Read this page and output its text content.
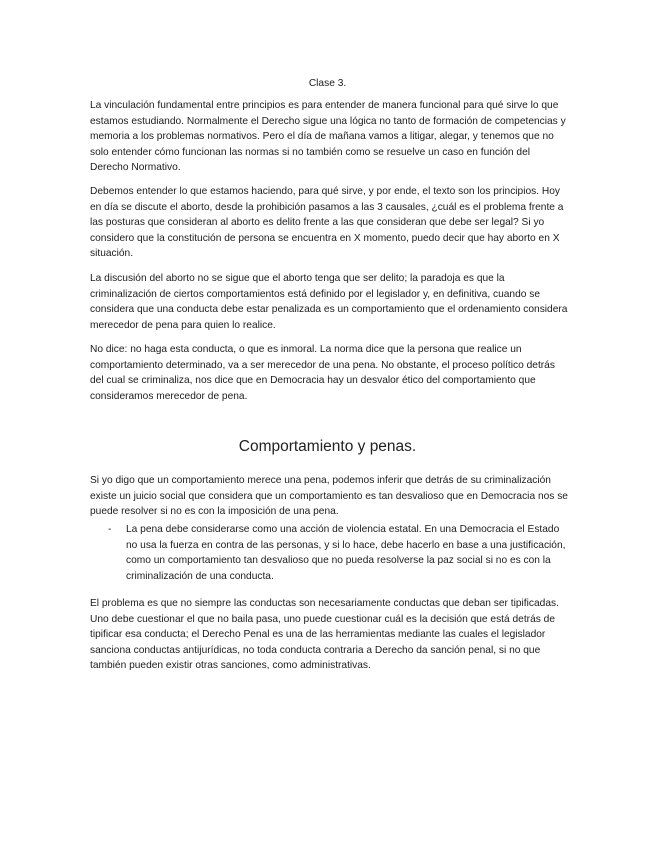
Clase 3.

La vinculación fundamental entre principios es para entender de manera funcional para qué sirve lo que estamos estudiando. Normalmente el Derecho sigue una lógica no tanto de formación de competencias y memoria a los problemas normativos. Pero el día de mañana vamos a litigar, alegar, y tenemos que no solo entender cómo funcionan las normas si no también como se resuelve un caso en función del Derecho Normativo.

Debemos entender lo que estamos haciendo, para qué sirve, y por ende, el texto son los principios. Hoy en día se discute el aborto, desde la prohibición pasamos a las 3 causales, ¿cuál es el problema frente a las posturas que consideran al aborto es delito frente a las que consideran que debe ser legal? Si yo considero que la constitución de persona se encuentra en X momento, puedo decir que hay aborto en X situación.

La discusión del aborto no se sigue que el aborto tenga que ser delito; la paradoja es que la criminalización de ciertos comportamientos está definido por el legislador y, en definitiva, cuando se considera que una conducta debe estar penalizada es un comportamiento que el ordenamiento considera merecedor de pena para quien lo realice.

No dice: no haga esta conducta, o que es inmoral. La norma dice que la persona que realice un comportamiento determinado, va a ser merecedor de una pena. No obstante, el proceso político detrás del cual se criminaliza, nos dice que en Democracia hay un desvalor ético del comportamiento que consideramos merecedor de pena.

Comportamiento y penas.

Si yo digo que un comportamiento merece una pena, podemos inferir que detrás de su criminalización existe un juicio social que considera que un comportamiento es tan desvalioso que en Democracia nos se puede resolver si no es con la imposición de una pena.

- La pena debe considerarse como una acción de violencia estatal. En una Democracia el Estado no usa la fuerza en contra de las personas, y si lo hace, debe hacerlo en base a una justificación, como un comportamiento tan desvalioso que no pueda resolverse la paz social si no es con la criminalización de una conducta.

El problema es que no siempre las conductas son necesariamente conductas que deban ser tipificadas. Uno debe cuestionar el que no baila pasa, uno puede cuestionar cuál es la decisión que está detrás de tipificar esa conducta; el Derecho Penal es una de las herramientas mediante las cuales el legislador sanciona conductas antijurídicas, no toda conducta contraria a Derecho da sanción penal, si no que también pueden existir otras sanciones, como administrativas.
